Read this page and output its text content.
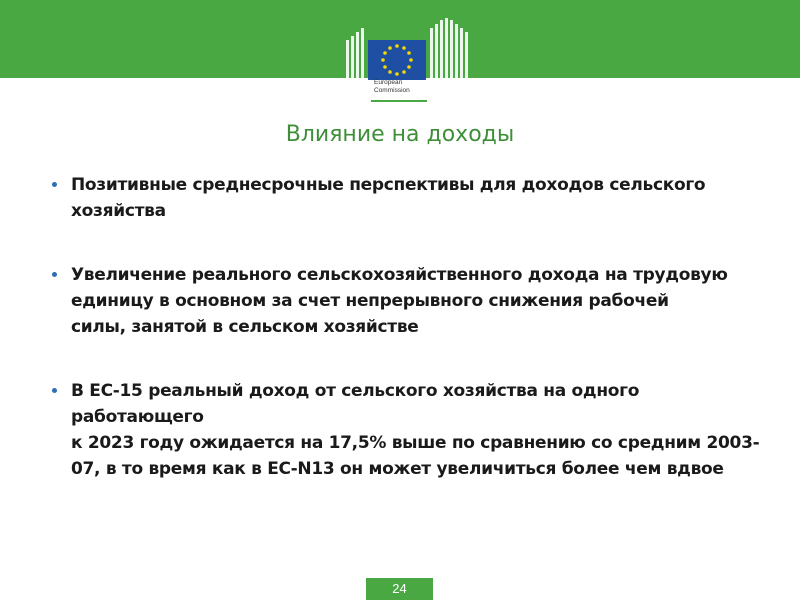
European
Commission
Влияние на доходы
Позитивные среднесрочные перспективы для доходов сельского
хозяйства
Увеличение реального сельскохозяйственного дохода на трудовую
единицу в основном за счет непрерывного снижения рабочей
силы, занятой в сельском хозяйстве
В ЕС-15 реальный доход от сельского хозяйства на одного работающего
к 2023 году ожидается на 17,5% выше по сравнению со средним 2003-
07, в то время как в ЕС-N13 он может увеличиться более чем вдвое
24
